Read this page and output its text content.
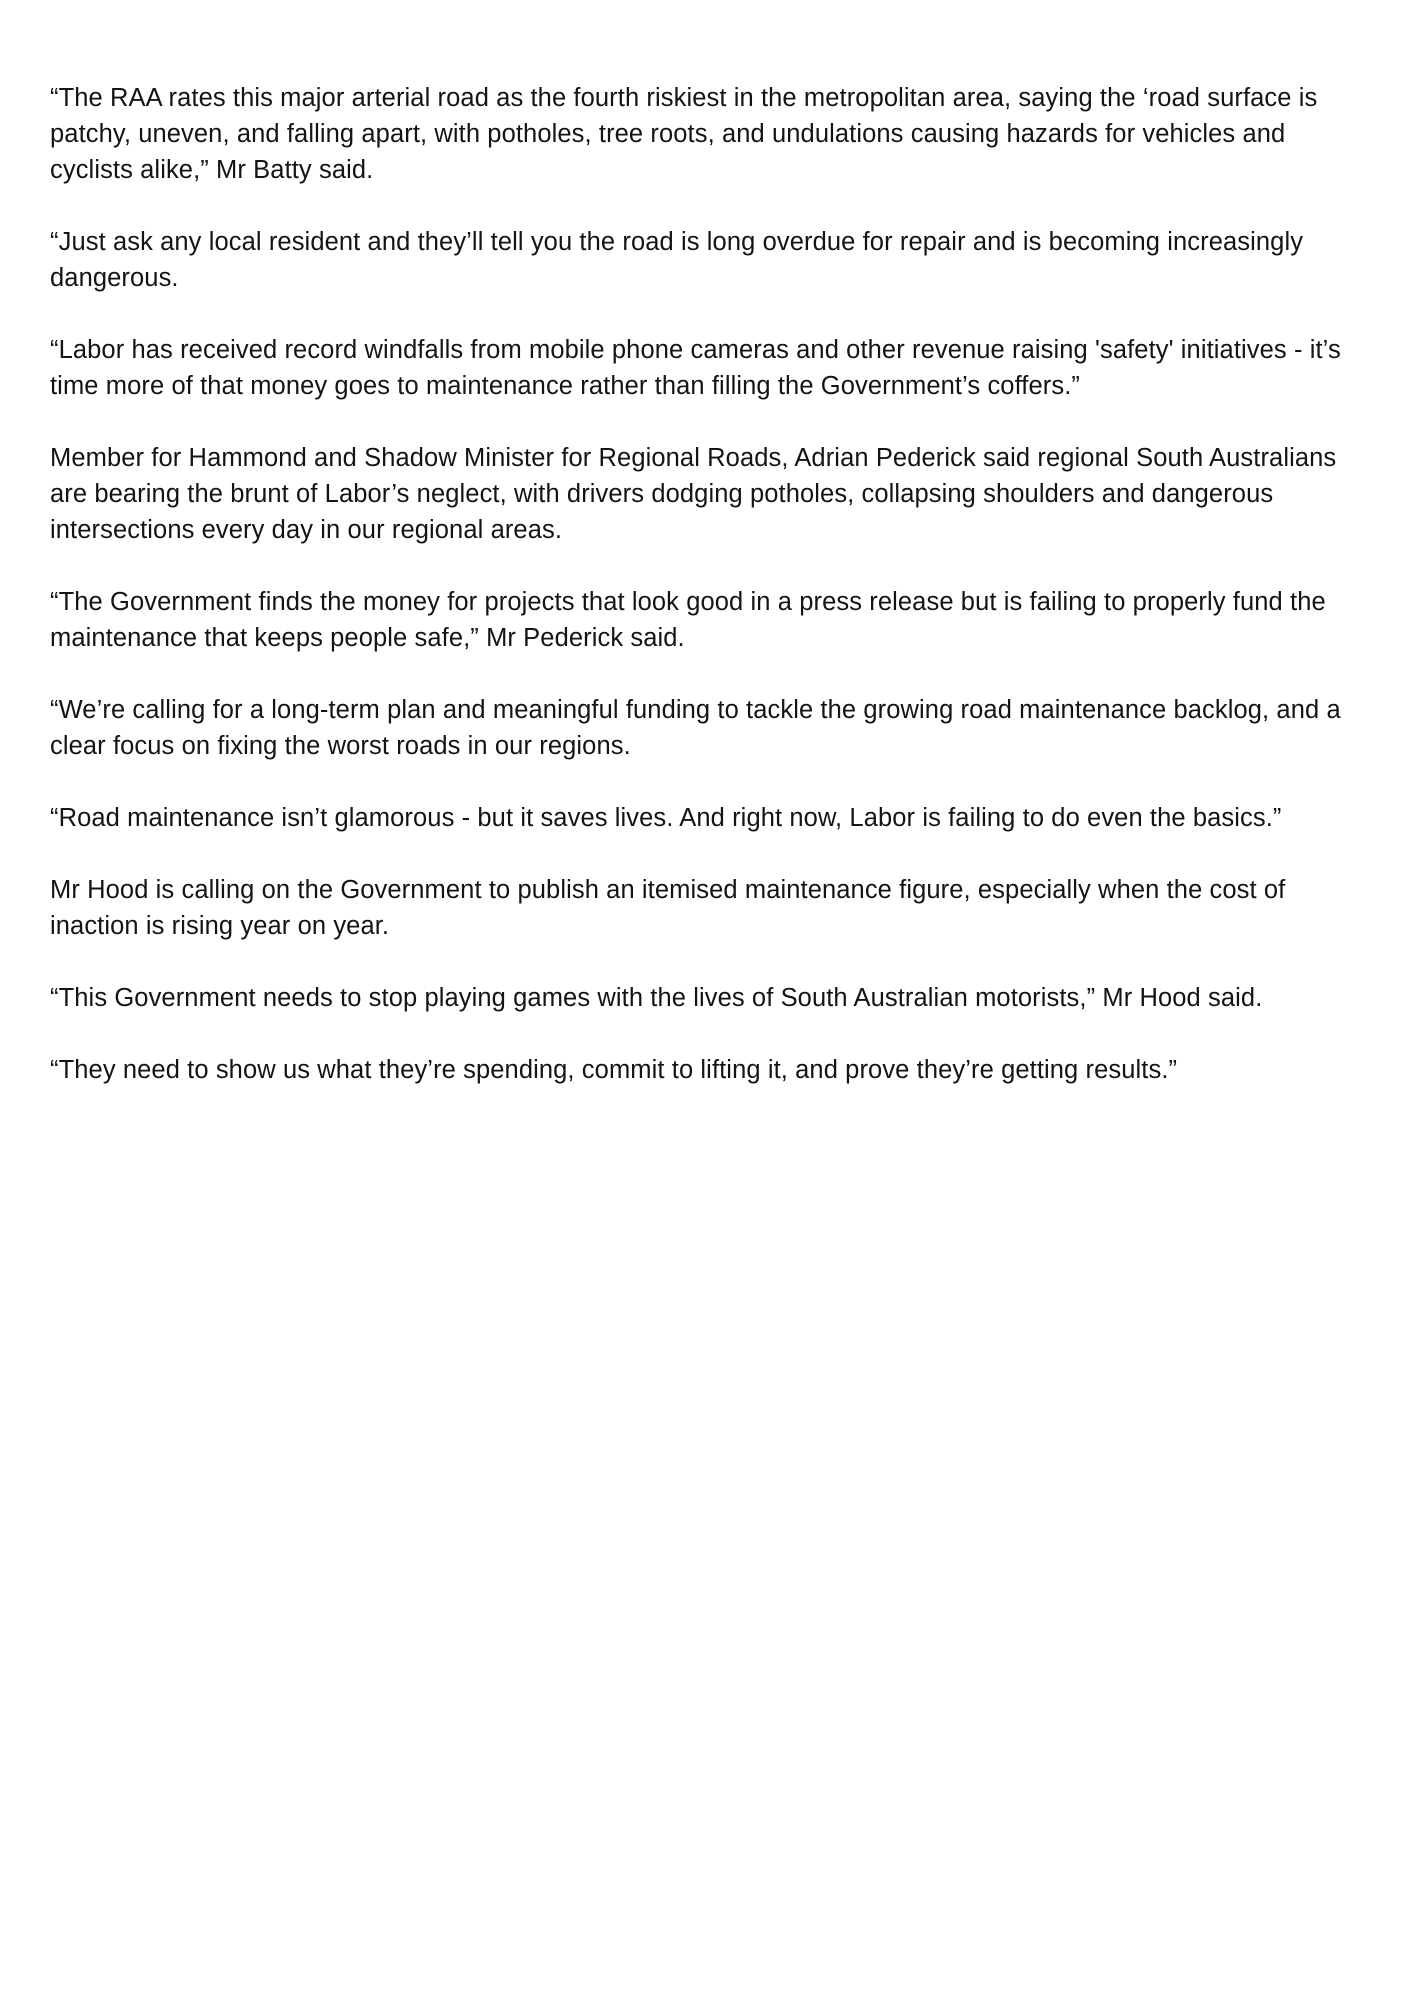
“The RAA rates this major arterial road as the fourth riskiest in the metropolitan area, saying the ‘road surface is patchy, uneven, and falling apart, with potholes, tree roots, and undulations causing hazards for vehicles and cyclists alike,” Mr Batty said.

“Just ask any local resident and they’ll tell you the road is long overdue for repair and is becoming increasingly dangerous.

“Labor has received record windfalls from mobile phone cameras and other revenue raising 'safety' initiatives - it’s time more of that money goes to maintenance rather than filling the Government’s coffers.”

Member for Hammond and Shadow Minister for Regional Roads, Adrian Pederick said regional South Australians are bearing the brunt of Labor’s neglect, with drivers dodging potholes, collapsing shoulders and dangerous intersections every day in our regional areas.

“The Government finds the money for projects that look good in a press release but is failing to properly fund the maintenance that keeps people safe,” Mr Pederick said.

“We’re calling for a long-term plan and meaningful funding to tackle the growing road maintenance backlog, and a clear focus on fixing the worst roads in our regions.

“Road maintenance isn’t glamorous - but it saves lives. And right now, Labor is failing to do even the basics.”

Mr Hood is calling on the Government to publish an itemised maintenance figure, especially when the cost of inaction is rising year on year.

“This Government needs to stop playing games with the lives of South Australian motorists,” Mr Hood said.

“They need to show us what they’re spending, commit to lifting it, and prove they’re getting results.”
